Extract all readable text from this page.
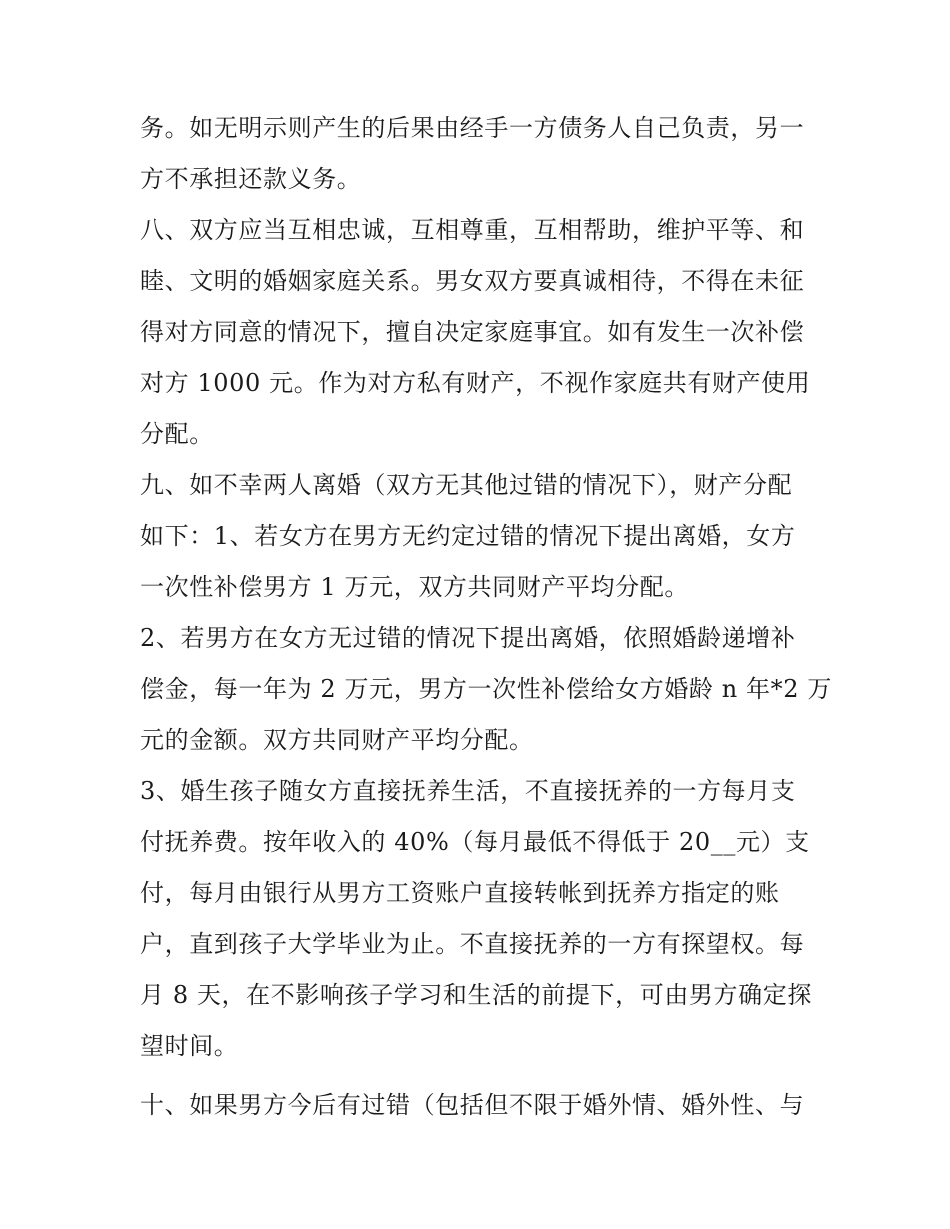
务。如无明示则产生的后果由经手一方债务人自己负责，另一
方不承担还款义务。
八、双方应当互相忠诚，互相尊重，互相帮助，维护平等、和
睦、文明的婚姻家庭关系。男女双方要真诚相待，不得在未征
得对方同意的情况下，擅自决定家庭事宜。如有发生一次补偿
对方 1000 元。作为对方私有财产，不视作家庭共有财产使用
分配。
九、如不幸两人离婚（双方无其他过错的情况下），财产分配
如下：1、若女方在男方无约定过错的情况下提出离婚，女方
一次性补偿男方 1 万元，双方共同财产平均分配。
2、若男方在女方无过错的情况下提出离婚，依照婚龄递增补
偿金，每一年为 2 万元，男方一次性补偿给女方婚龄 n 年*2 万
元的金额。双方共同财产平均分配。
3、婚生孩子随女方直接抚养生活，不直接抚养的一方每月支
付抚养费。按年收入的 40%（每月最低不得低于 20__元）支
付，每月由银行从男方工资账户直接转帐到抚养方指定的账
户，直到孩子大学毕业为止。不直接抚养的一方有探望权。每
月 8 天，在不影响孩子学习和生活的前提下，可由男方确定探
望时间。
十、如果男方今后有过错（包括但不限于婚外情、婚外性、与
